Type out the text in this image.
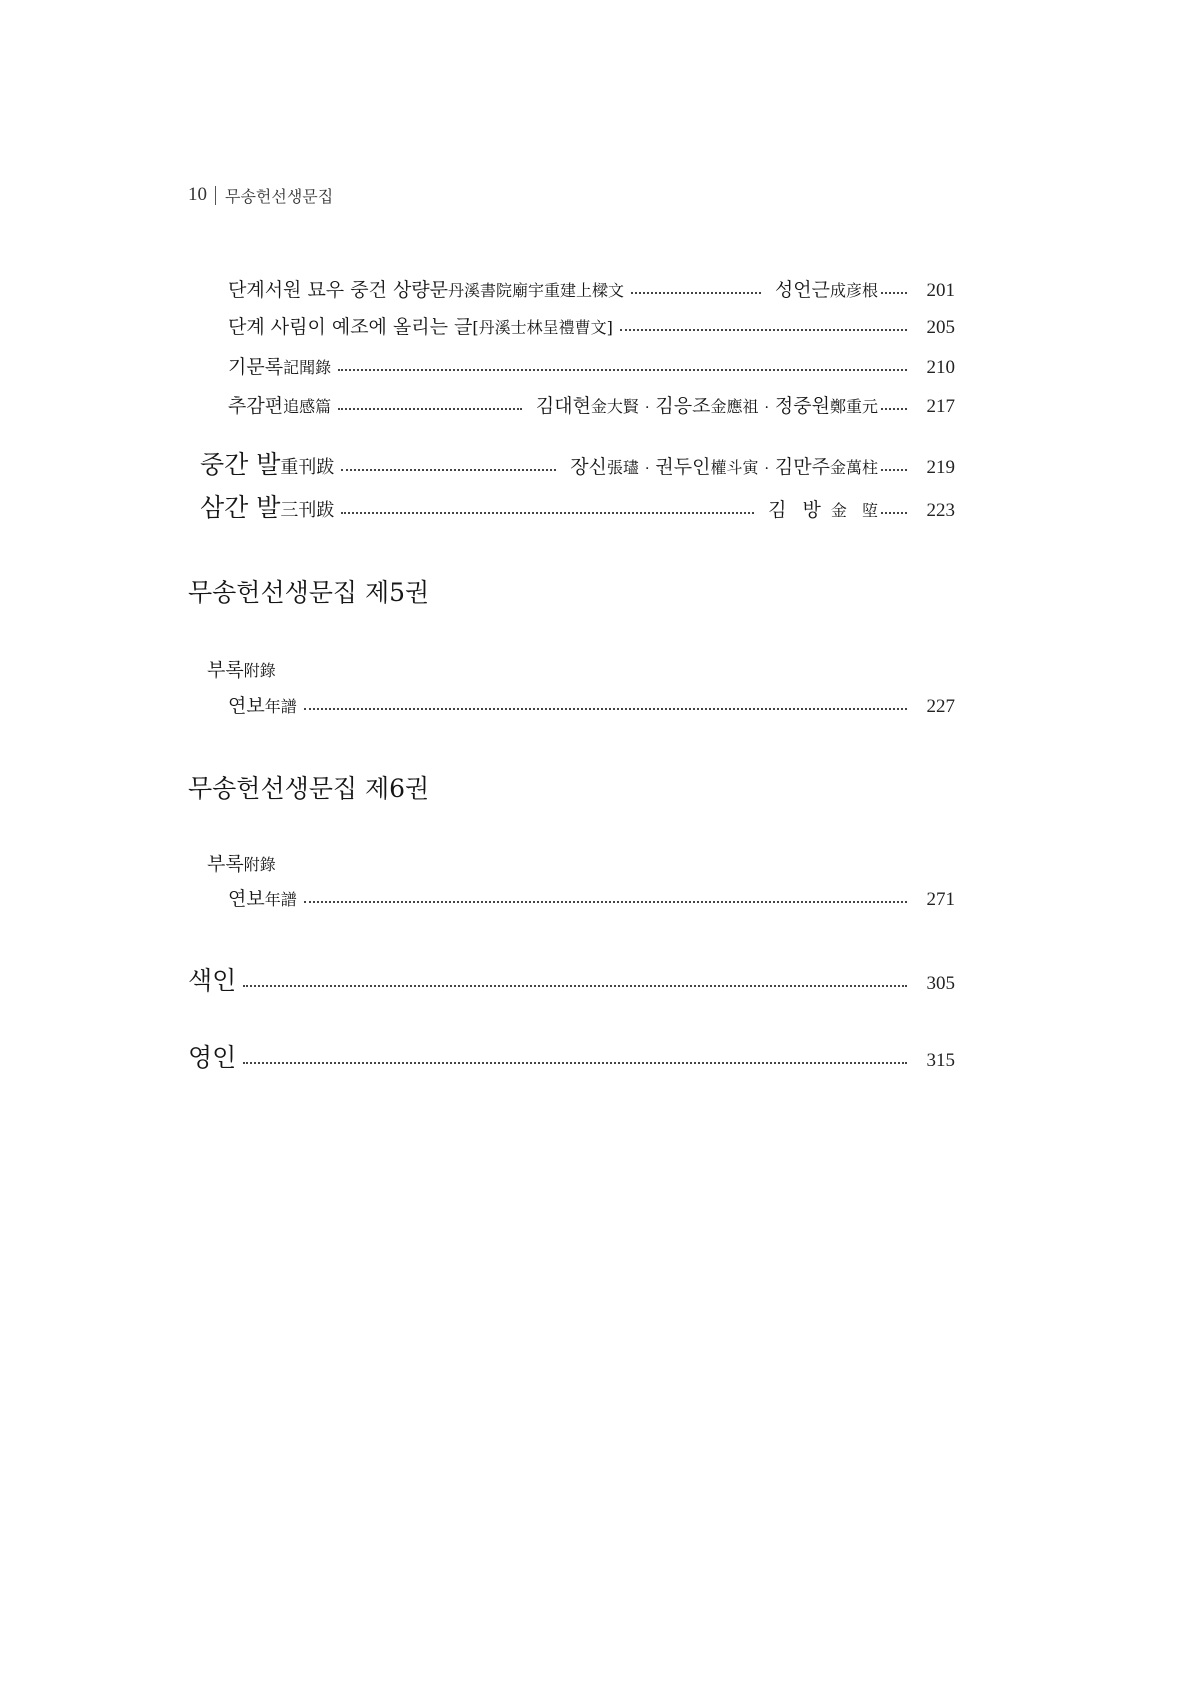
10 무송헌선생문집
단계서원 묘우 중건 상량문 丹溪書院廟宇重建上樑文	성언근成彦根	201
단계 사림이 예조에 올리는 글 [丹溪士林呈禮曹文]	205
기문록 記聞錄	210
추감편 追感篇	김대현金大賢 · 김응조金應祖 · 정중원鄭重元	217
중간 발 重刊跋	장신張璶 · 권두인權斗寅 · 김만주金萬柱	219
삼간 발 三刊跋	김 방 金 埅	223
무송헌선생문집 제5권
부록附錄
연보 年譜	227
무송헌선생문집 제6권
부록附錄
연보 年譜	271
색인	305
영인	315
